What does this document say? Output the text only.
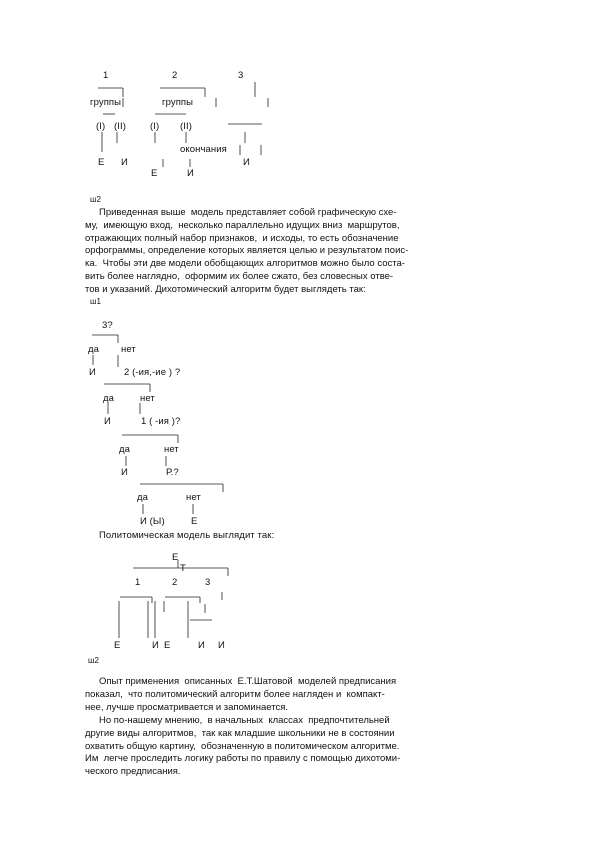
1	2	3
группы	группы
(I) (II)	(I) (II)
окончания
Е И	И
Е	И
ш2
Приведенная выше  модель представляет собой графическую схе-
му,  имеющую вход,  несколько параллельно идущих вниз  маршрутов,
отражающих полный набор признаков,  и исходы, то есть обозначение
орфограммы, определение которых является целью и результатом поис-
ка.  Чтобы эти две модели обобщающих алгоритмов можно было соста-
вить более наглядно,  оформим их более сжато, без словесных отве-
тов и указаний. Дихотомический алгоритм будет выглядеть так:
ш1
3?
да нет
И	2 (-ия,-ие ) ?
да	нет
И	1 ( -ия )?
да	нет
И	Р.?
да	нет
И (Ы)	Е
Политомическая модель выглядит так:
Е
Т
1	2	3
Е	И Е	И И
ш2
Опыт применения  описанных  Е.Т.Шатовой  моделей предписания
показал,  что политомический алгоритм более нагляден и  компакт-
нее, лучше просматривается и запоминается.
Но по-нашему мнению,  в начальных  классах  предпочтительней
другие виды алгоритмов,  так как младшие школьники не в состоянии
охватить общую картину,  обозначенную в политомическом алгоритме.
Им  легче проследить логику работы по правилу с помощью дихотоми-
ческого предписания.
